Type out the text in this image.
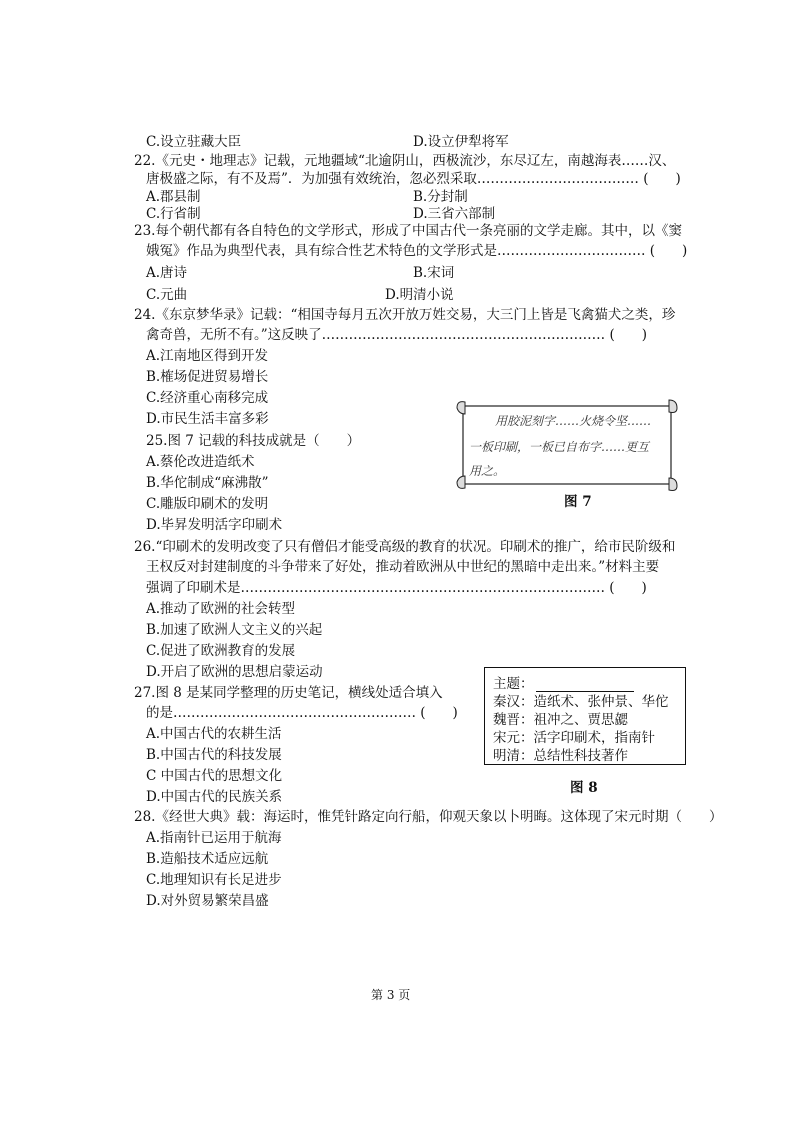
C.设立驻藏大臣	D.设立伊犁将军
22.《元史・地理志》记载，元地疆域“北逾阴山，西极流沙，东尽辽左，南越海表……汉、
唐极盛之际，有不及焉”．为加强有效统治，忽必烈采取……………………………… (　　)
A.郡县制	B.分封制
C.行省制	D.三省六部制
23.每个朝代都有各自特色的文学形式，形成了中国古代一条亮丽的文学走廊。其中，以《窦
娥冤》作品为典型代表，具有综合性艺术特色的文学形式是…………………………… (　　)
A.唐诗	B.宋词
C.元曲	D.明清小说
24.《东京梦华录》记载：“相国寺每月五次开放万姓交易，大三门上皆是飞禽猫犬之类，珍
禽奇兽，无所不有。”这反映了……………………………………………………… (　　)
A.江南地区得到开发
B.榷场促进贸易增长
C.经济重心南移完成
D.市民生活丰富多彩	用胶泥刻字……火烧令坚……
一板印刷，一板已自布字……更互
用之。
图 7
25.图 7 记载的科技成就是（　　）
A.蔡伦改进造纸术
B.华佗制成“麻沸散”
C.雕版印刷术的发明
D.毕昇发明活字印刷术
26.“印刷术的发明改变了只有僧侣才能受高级的教育的状况。印刷术的推广，给市民阶级和
王权反对封建制度的斗争带来了好处，推动着欧洲从中世纪的黑暗中走出来。”材料主要
强调了印刷术是……………………………………………………………………… (　　)
A.推动了欧洲的社会转型
B.加速了欧洲人文主义的兴起
C.促进了欧洲教育的发展
D.开启了欧洲的思想启蒙运动
27.图 8 是某同学整理的历史笔记，横线处适合填入
的是……………………………………………… (　　)
A.中国古代的农耕生活
B.中国古代的科技发展
C 中国古代的思想文化
D.中国古代的民族关系
主题：
秦汉：造纸术、张仲景、华佗
魏晋：祖冲之、贾思勰
宋元：活字印刷术，指南针
明清：总结性科技著作
图 8
28.《经世大典》载：海运时，惟凭针路定向行船，仰观天象以卜明晦。这体现了宋元时期（　　）
A.指南针已运用于航海
B.造船技术适应远航
C.地理知识有长足进步
D.对外贸易繁荣昌盛
第 3 页
